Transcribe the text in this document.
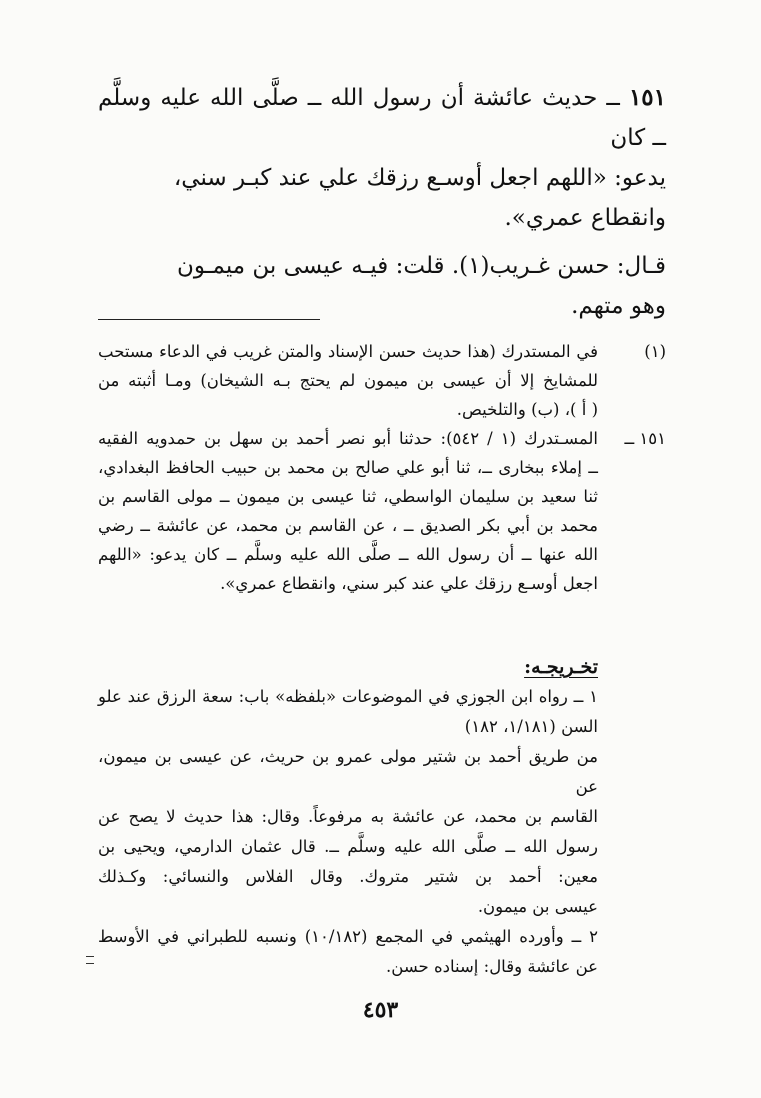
١٥١ ــ حديث عائشة أن رسول الله ــ صلَّى الله عليه وسلَّم ــ كان

يدعو: «اللهم اجعل أوسـع رزقك علي عند كبـر سني،

وانقطاع عمري».

قـال: حسن غـريب(١). قلت: فيـه عيسى بن ميمـون

وهو متهم.

(١)
في المستدرك (هذا حديث حسن الإسناد والمتن غريب في الدعاء مستحب
للمشايخ إلا أن عيسى بن ميمون لم يحتج بـه الشيخان) ومـا أثبته من
( أ )، (ب) والتلخيص.
١٥١ ــ
المسـتدرك (١ / ٥٤٢): حدثنا أبو نصر أحمد بن سهل بن حمدويه الفقيه
ــ إملاء ببخارى ــ، ثنا أبو علي صالح بن محمد بن حبيب الحافظ البغدادي،
ثنا سعيد بن سليمان الواسطي، ثنا عيسى بن ميمون ــ مولى القاسم بن
محمد بن أبي بكر الصديق ــ ، عن القاسم بن محمد، عن عائشة ــ رضي
الله عنها ــ أن رسول الله ــ صلَّى الله عليه وسلَّم ــ كان يدعو: «اللهم
اجعل أوسـع رزقك علي عند كبر سني، وانقطاع عمري».
تخـريجـه:
١ ــ رواه ابن الجوزي في الموضوعات «بلفظه» باب: سعة الرزق عند علو
السن (١/١٨١، ١٨٢)
من طريق أحمد بن شتير مولى عمرو بن حريث، عن عيسى بن ميمون، عن
القاسم بن محمد، عن عائشة به مرفوعاً. وقال: هذا حديث لا يصح عن
رسول الله ــ صلَّى الله عليه وسلَّم ــ. قال عثمان الدارمي، ويحيى بن
معين: أحمد بن شتير متروك. وقال الفلاس والنسائي: وكـذلك
عيسى بن ميمون.
٢ ــ وأورده الهيثمي في المجمع (١٠/١٨٢) ونسبه للطبراني في الأوسط
عن عائشة وقال: إسناده حسن.
٤٥٣
